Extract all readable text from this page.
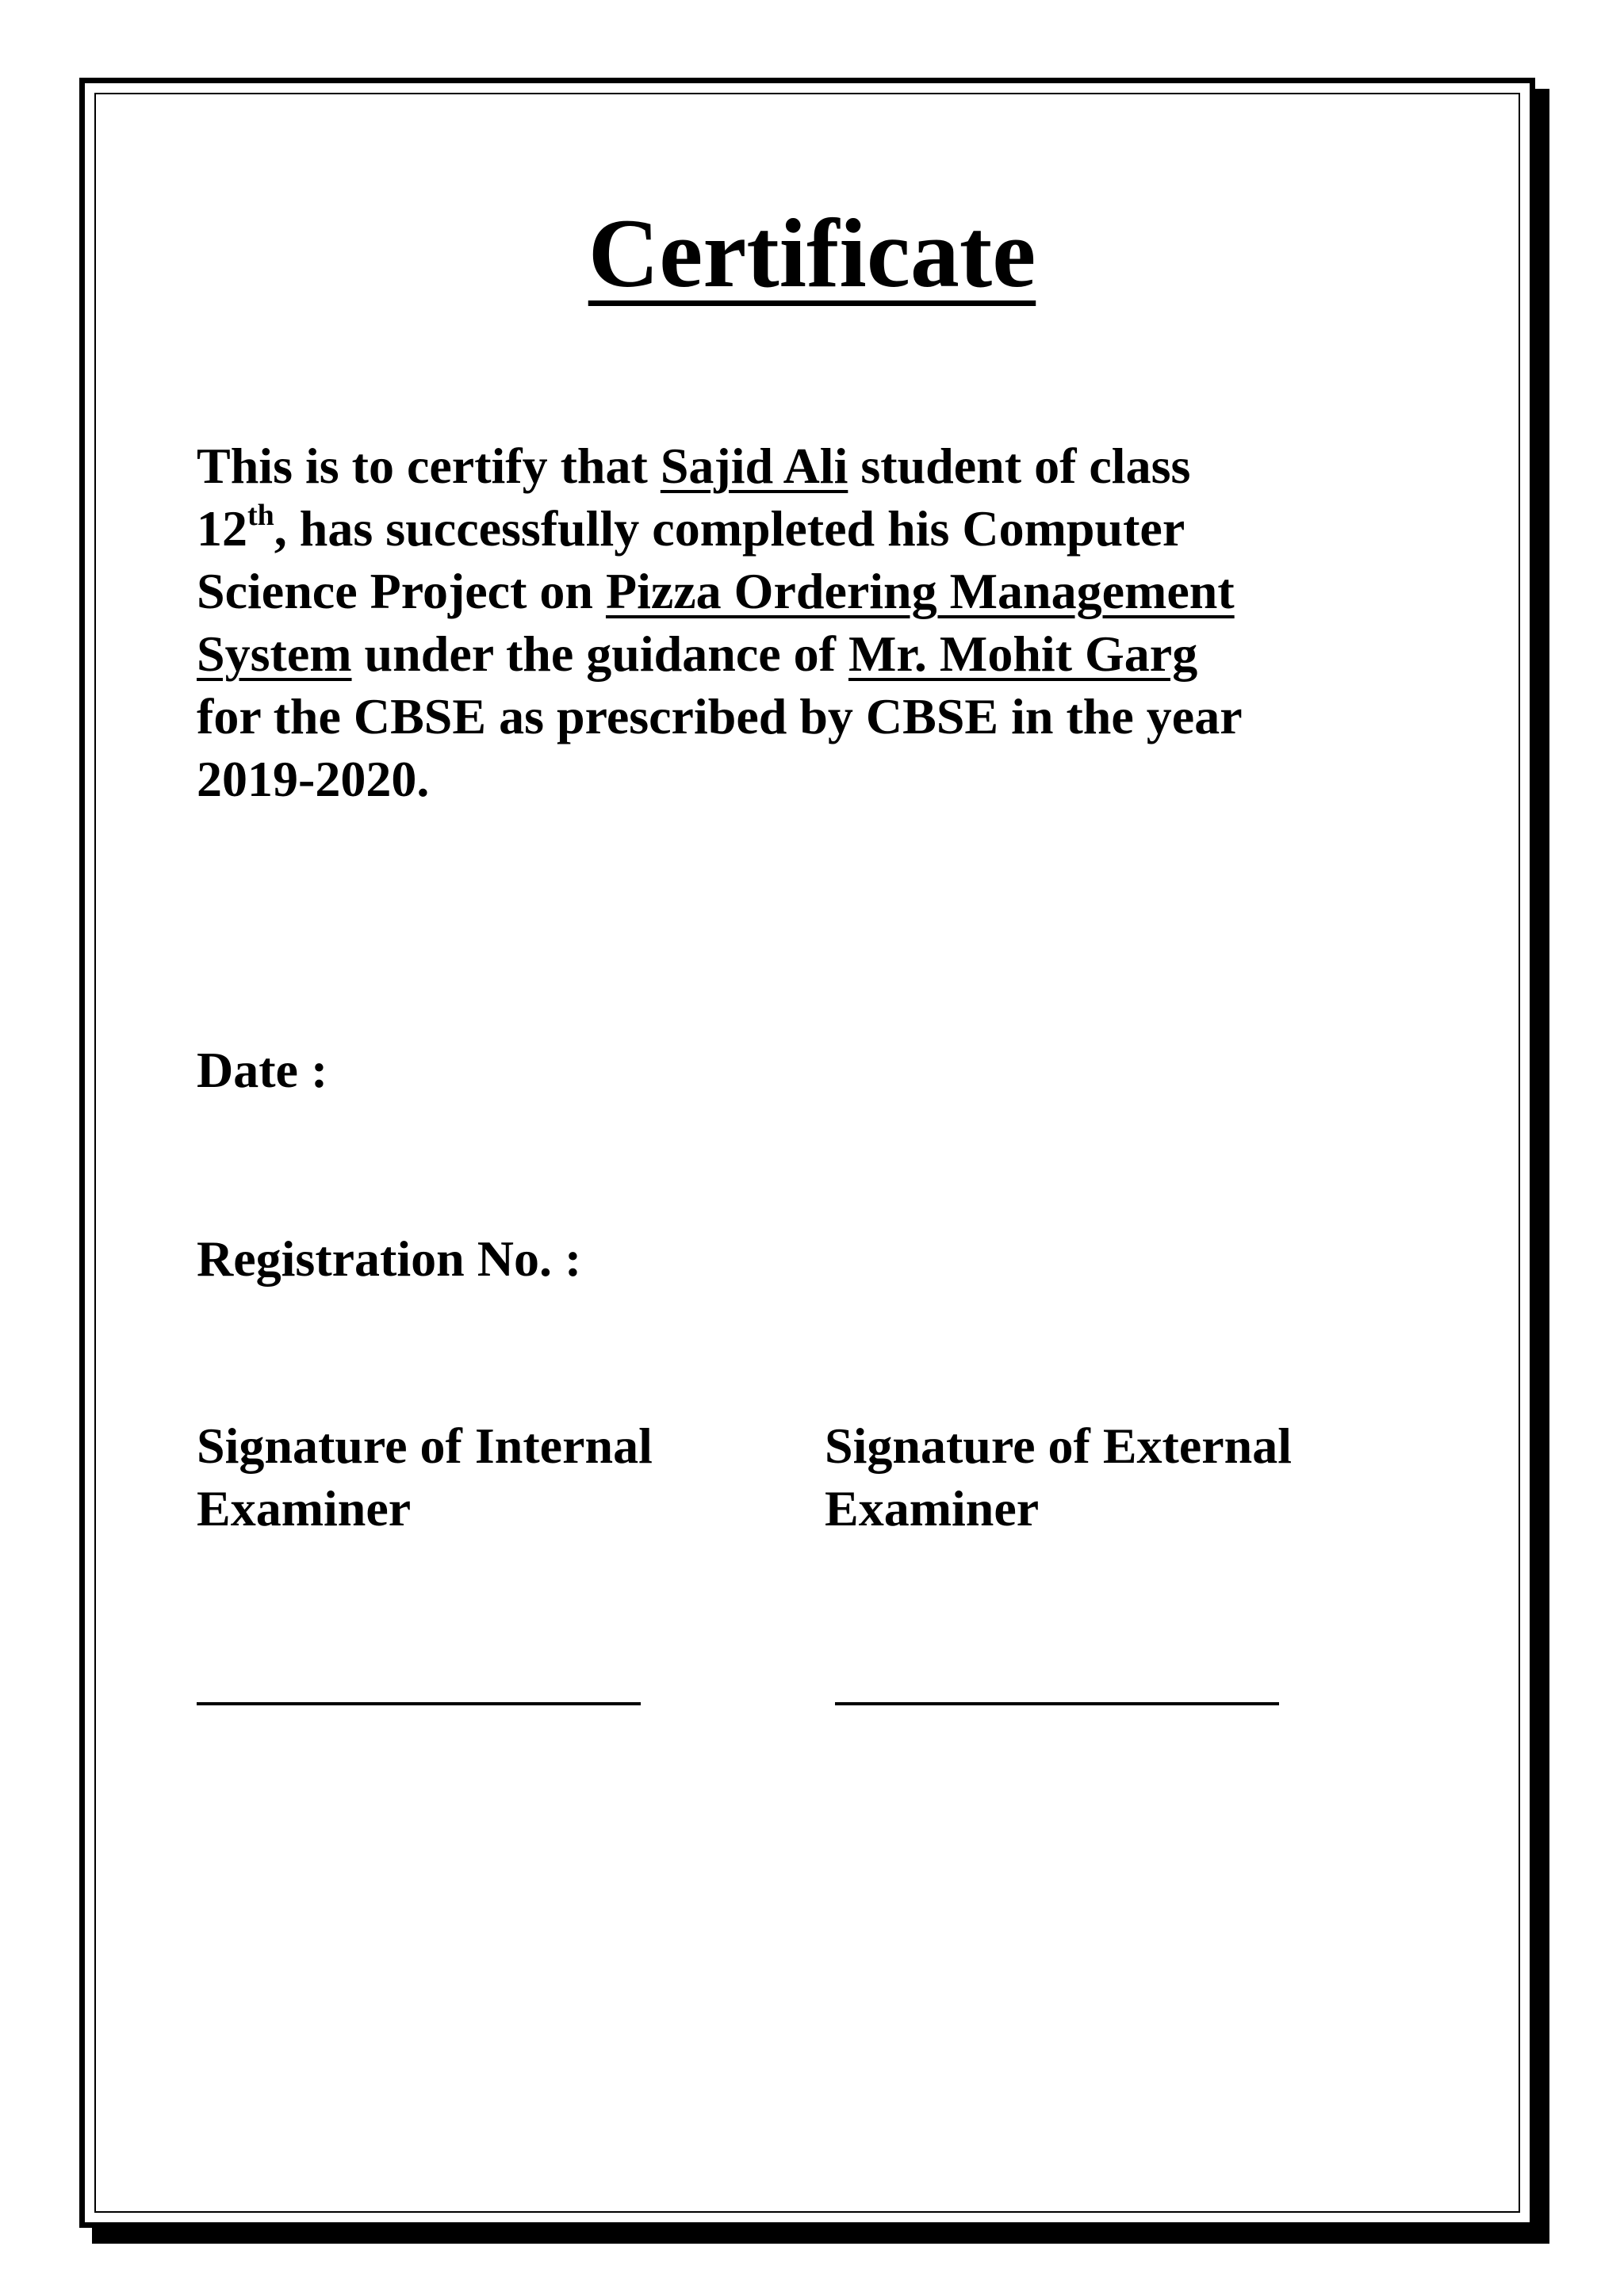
Certificate
This is to certify that Sajid Ali student of class
12th, has successfully completed his Computer
Science Project on Pizza Ordering Management
System under the guidance of Mr. Mohit Garg
for the CBSE as prescribed by CBSE in the year
2019-2020.
Date :
Registration No. :
Signature of Internal
Examiner
Signature of External
Examiner
